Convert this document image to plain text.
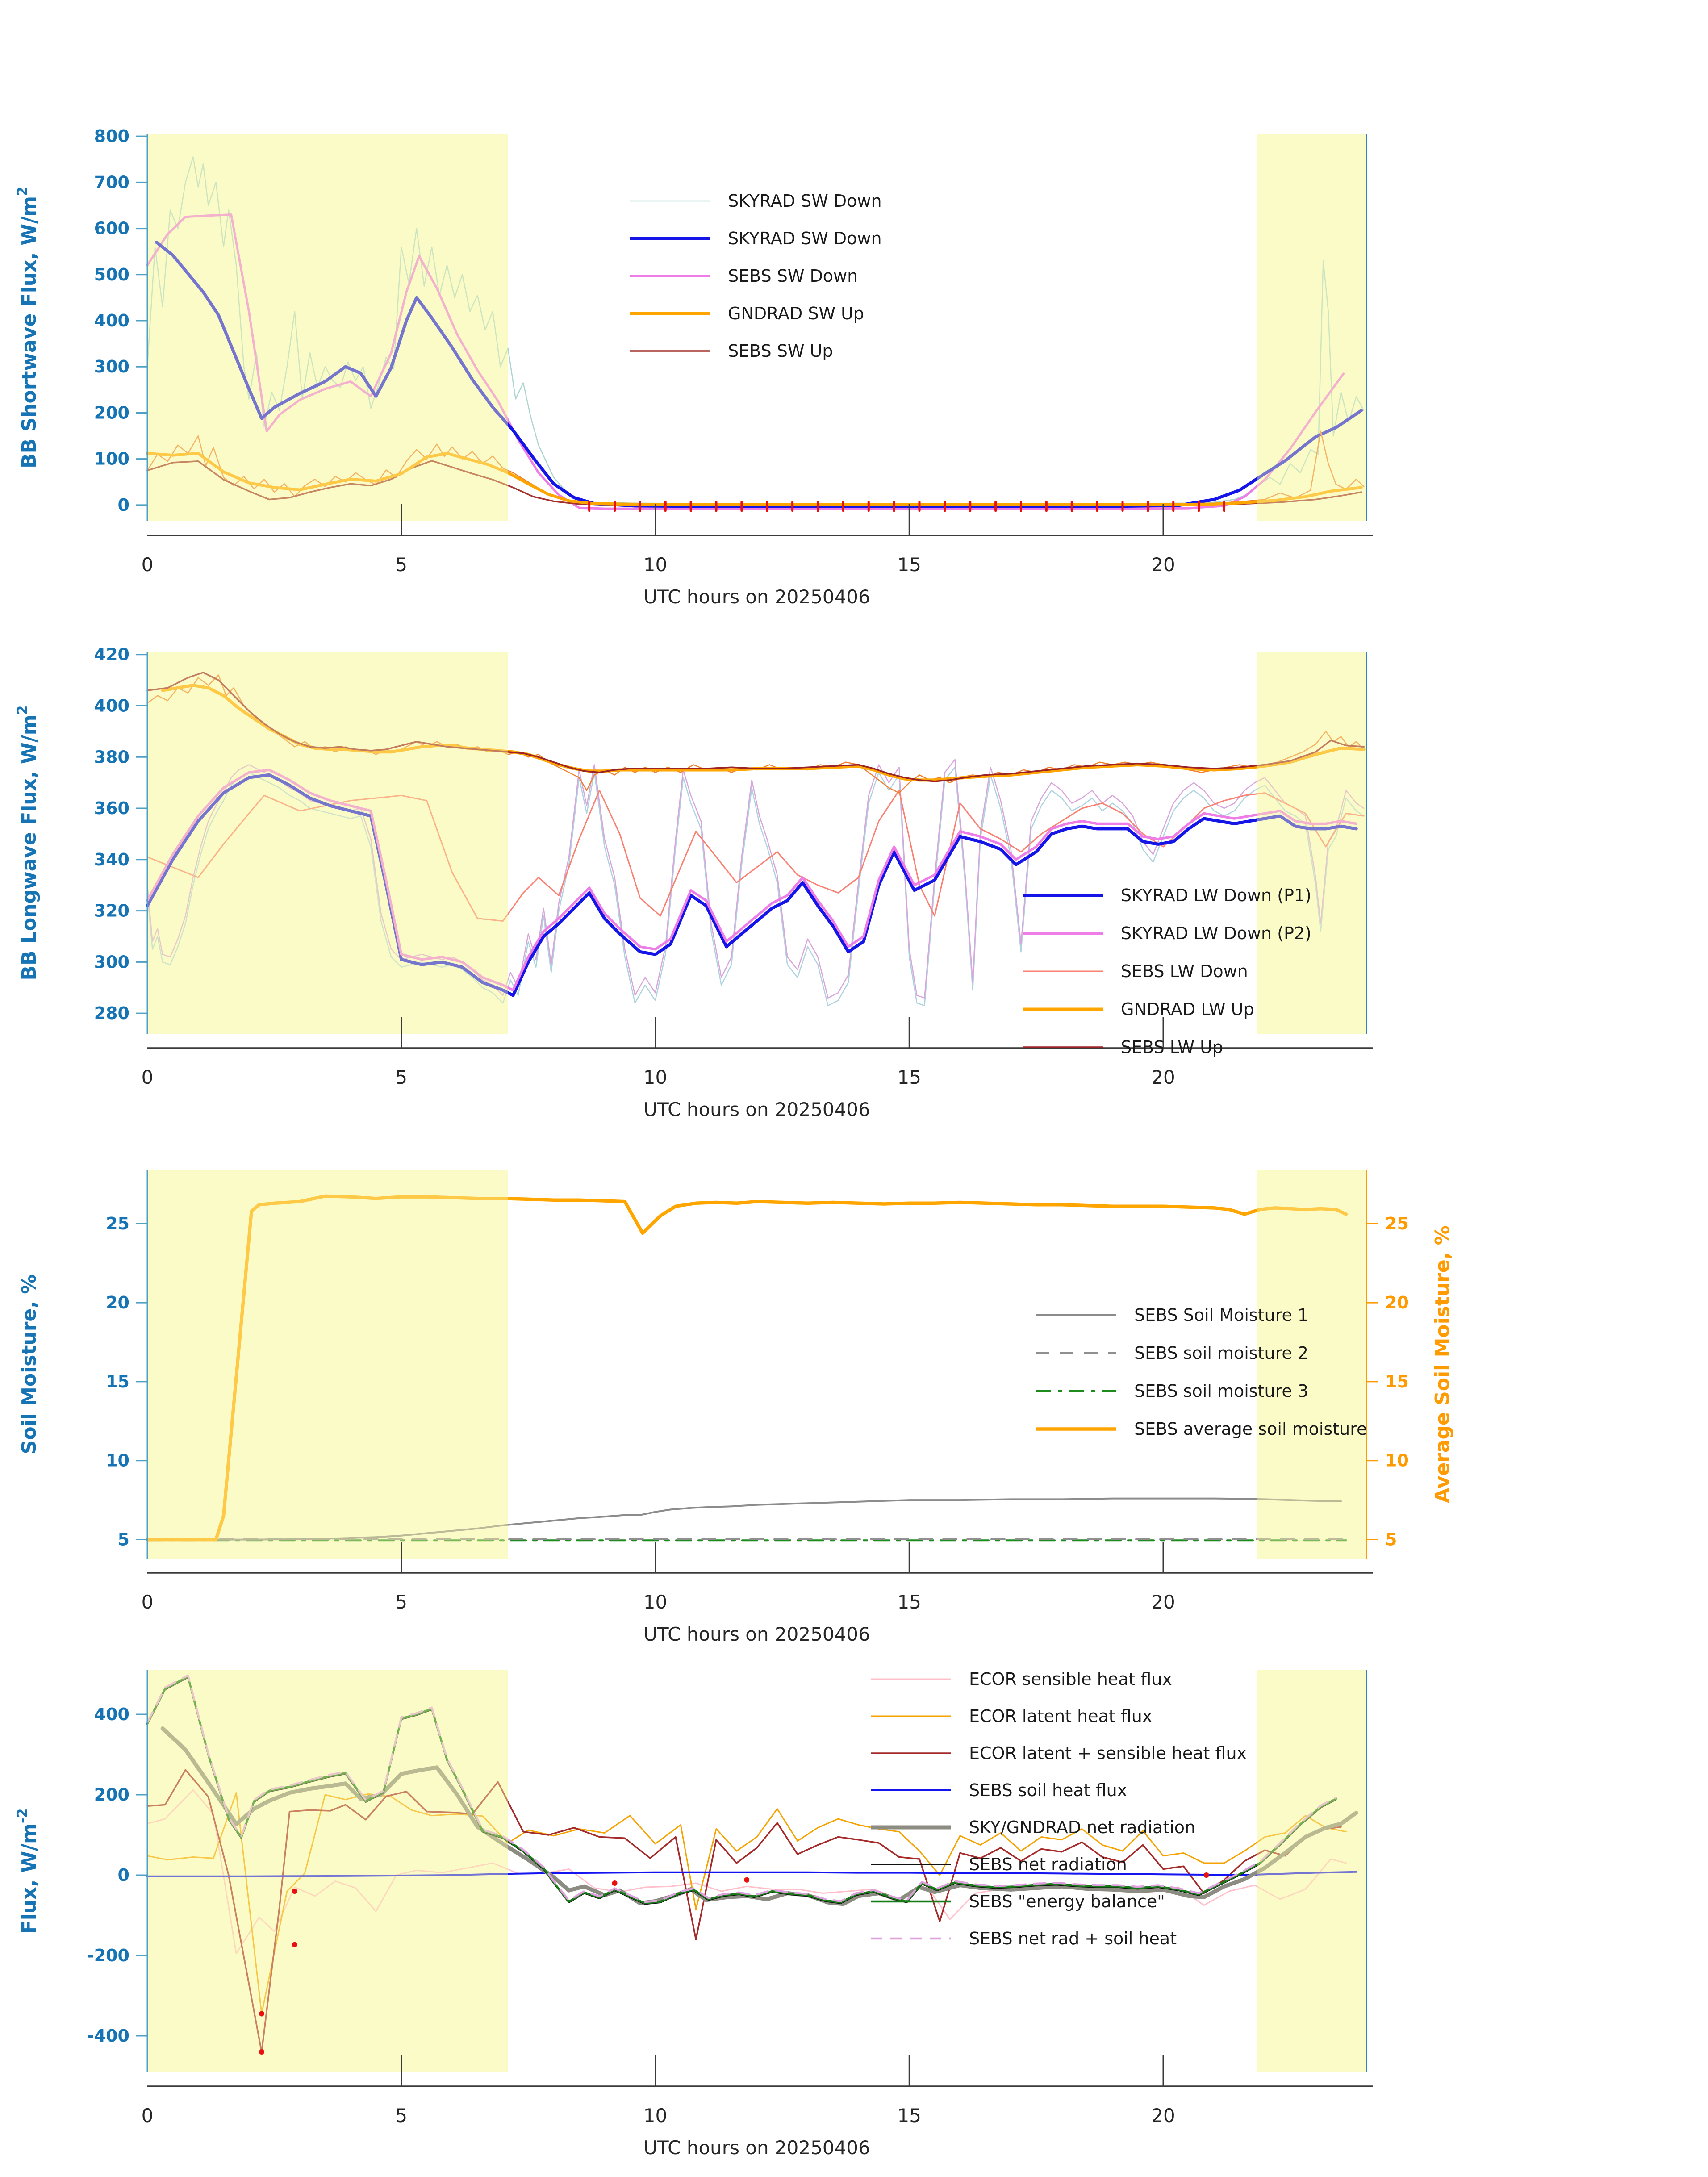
0
100
200
300
400
500
600
700
800
0	5	10	15	20
UTC hours on 20250406
BB Shortwave Flux, $W/m^2$	SKYRAD SW Down
SKYRAD SW Down
SEBS SW Down
GNDRAD SW Up
SEBS SW Up
280
300
320
340
360
380
400
420
0	5	10	15	20
UTC hours on 20250406
BB Longwave Flux, $W/m^2$
SKYRAD LW Down (P1)
SKYRAD LW Down (P2)
SEBS LW Down
GNDRAD LW Up
SEBS LW Up
5
10
15
20
25
5
10
15
20
25
0	5	10	15	20
UTC hours on 20250406
Soil Moisture, %	Average Soil Moisture, %
SEBS Soil Moisture 1
SEBS soil moisture 2
SEBS soil moisture 3
SEBS average soil moisture
-400
-200
0
200
400
0	5	10	15	20
UTC hours on 20250406
Flux, $W/m^{-2}$
ECOR sensible heat flux
ECOR latent heat flux
ECOR latent + sensible heat flux
SEBS soil heat flux
SKY/GNDRAD net radiation
SEBS net radiation
SEBS "energy balance"
SEBS net rad + soil heat
